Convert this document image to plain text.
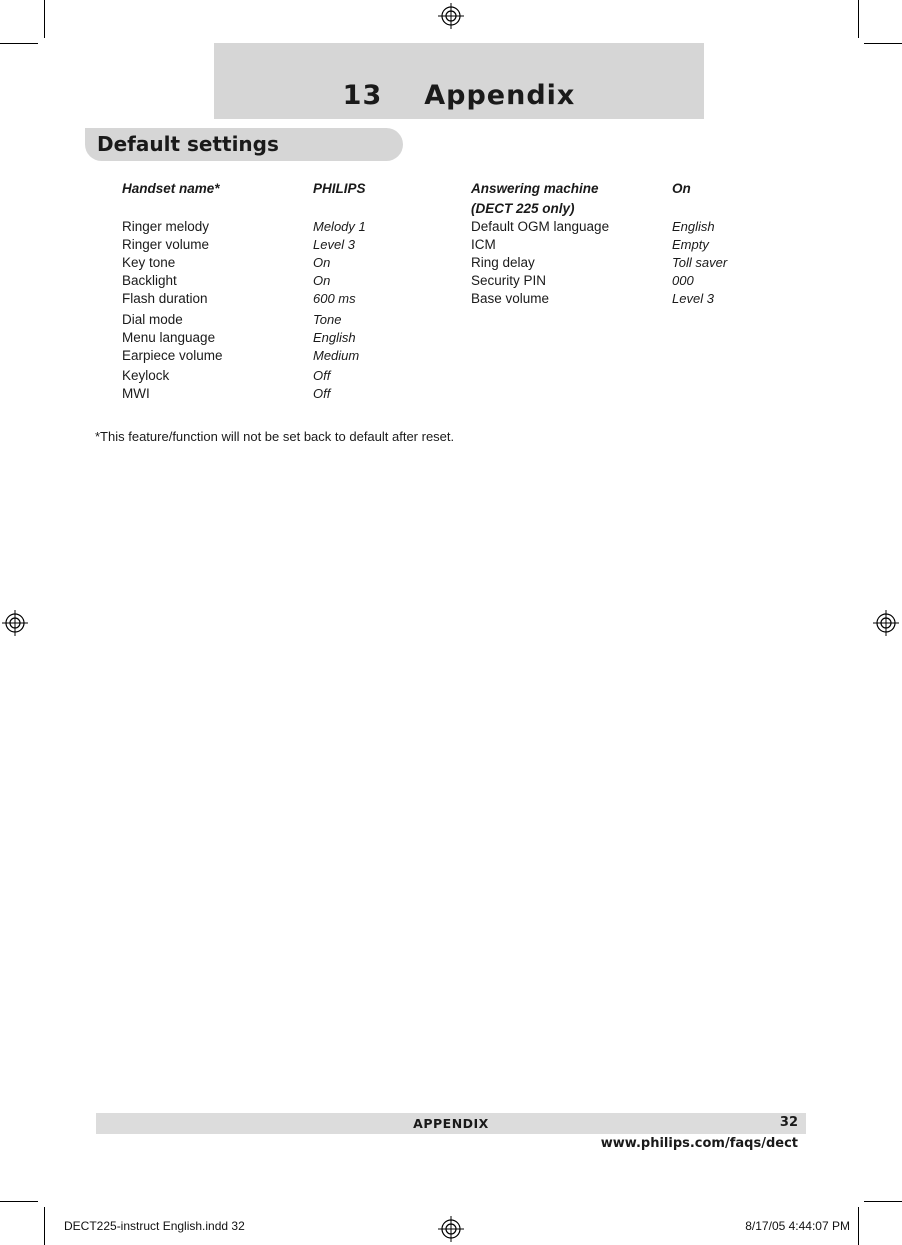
13 Appendix
Default settings
Handset name*
Ringer melody
Ringer volume
Key tone
Backlight
Flash duration
Dial mode
Menu language
Earpiece volume
Keylock
MWI
PHILIPS
Melody 1
Level 3
On
On
600 ms
Tone
English
Medium
Off
Off
Answering machine
(DECT 225 only)
On
Default OGM language
ICM
Ring delay
Security PIN
Base volume
English
Empty
Toll saver
000
Level 3
*This feature/function will not be set back to default after reset.
APPENDIX	32
www.philips.com/faqs/dect
DECT225-instruct English.indd 32	8/17/05 4:44:07 PM
